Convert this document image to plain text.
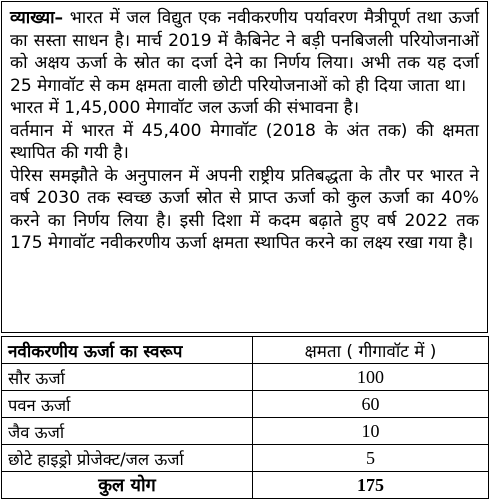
व्याख्या– भारत में जल विद्युत एक नवीकरणीय पर्यावरण मैत्रीपूर्ण तथा ऊर्जा का सस्ता साधन है। मार्च 2019 में कैबिनेट ने बड़ी पनबिजली परियोजनाओं को अक्षय ऊर्जा के स्रोत का दर्जा देने का निर्णय लिया। अभी तक यह दर्जा 25 मेगावॉट से कम क्षमता वाली छोटी परियोजनाओं को ही दिया जाता था।

भारत में 1,45,000 मेगावॉट जल ऊर्जा की संभावना है।

वर्तमान में भारत में 45,400 मेगावॉट (2018 के अंत तक) की क्षमता स्थापित की गयी है।

पेरिस समझौते के अनुपालन में अपनी राष्ट्रीय प्रतिबद्धता के तौर पर भारत ने वर्ष 2030 तक स्वच्छ ऊर्जा स्रोत से प्राप्त ऊर्जा को कुल ऊर्जा का 40% करने का निर्णय लिया है। इसी दिशा में कदम बढ़ाते हुए वर्ष 2022 तक 175 मेगावॉट नवीकरणीय ऊर्जा क्षमता स्थापित करने का लक्ष्य रखा गया है।

नवीकरणीय ऊर्जा का स्वरूप	क्षमता ( गीगावॉट में )
सौर ऊर्जा	100
पवन ऊर्जा	60
जैव ऊर्जा	10
छोटे हाइड्रो प्रोजेक्ट/जल ऊर्जा	5
कुल योग	175
